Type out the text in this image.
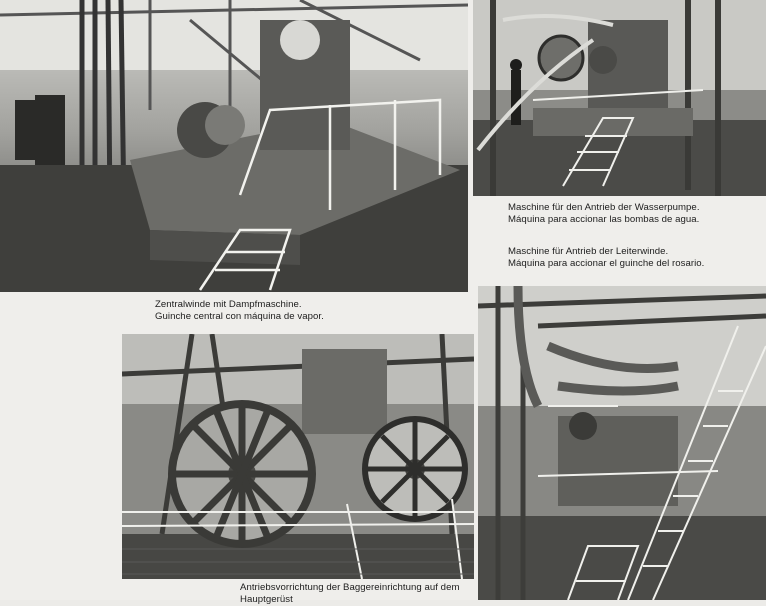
Zentralwinde mit Dampfmaschine.
Guinche central con máquina de vapor.
Maschine für den Antrieb der Wasserpumpe.
Máquina para accionar las bombas de agua.
Maschine für Antrieb der Leiterwinde.
Máquina para accionar el guinche del rosario.
Antriebsvorrichtung der Baggereinrichtung auf dem
Hauptgerüst
